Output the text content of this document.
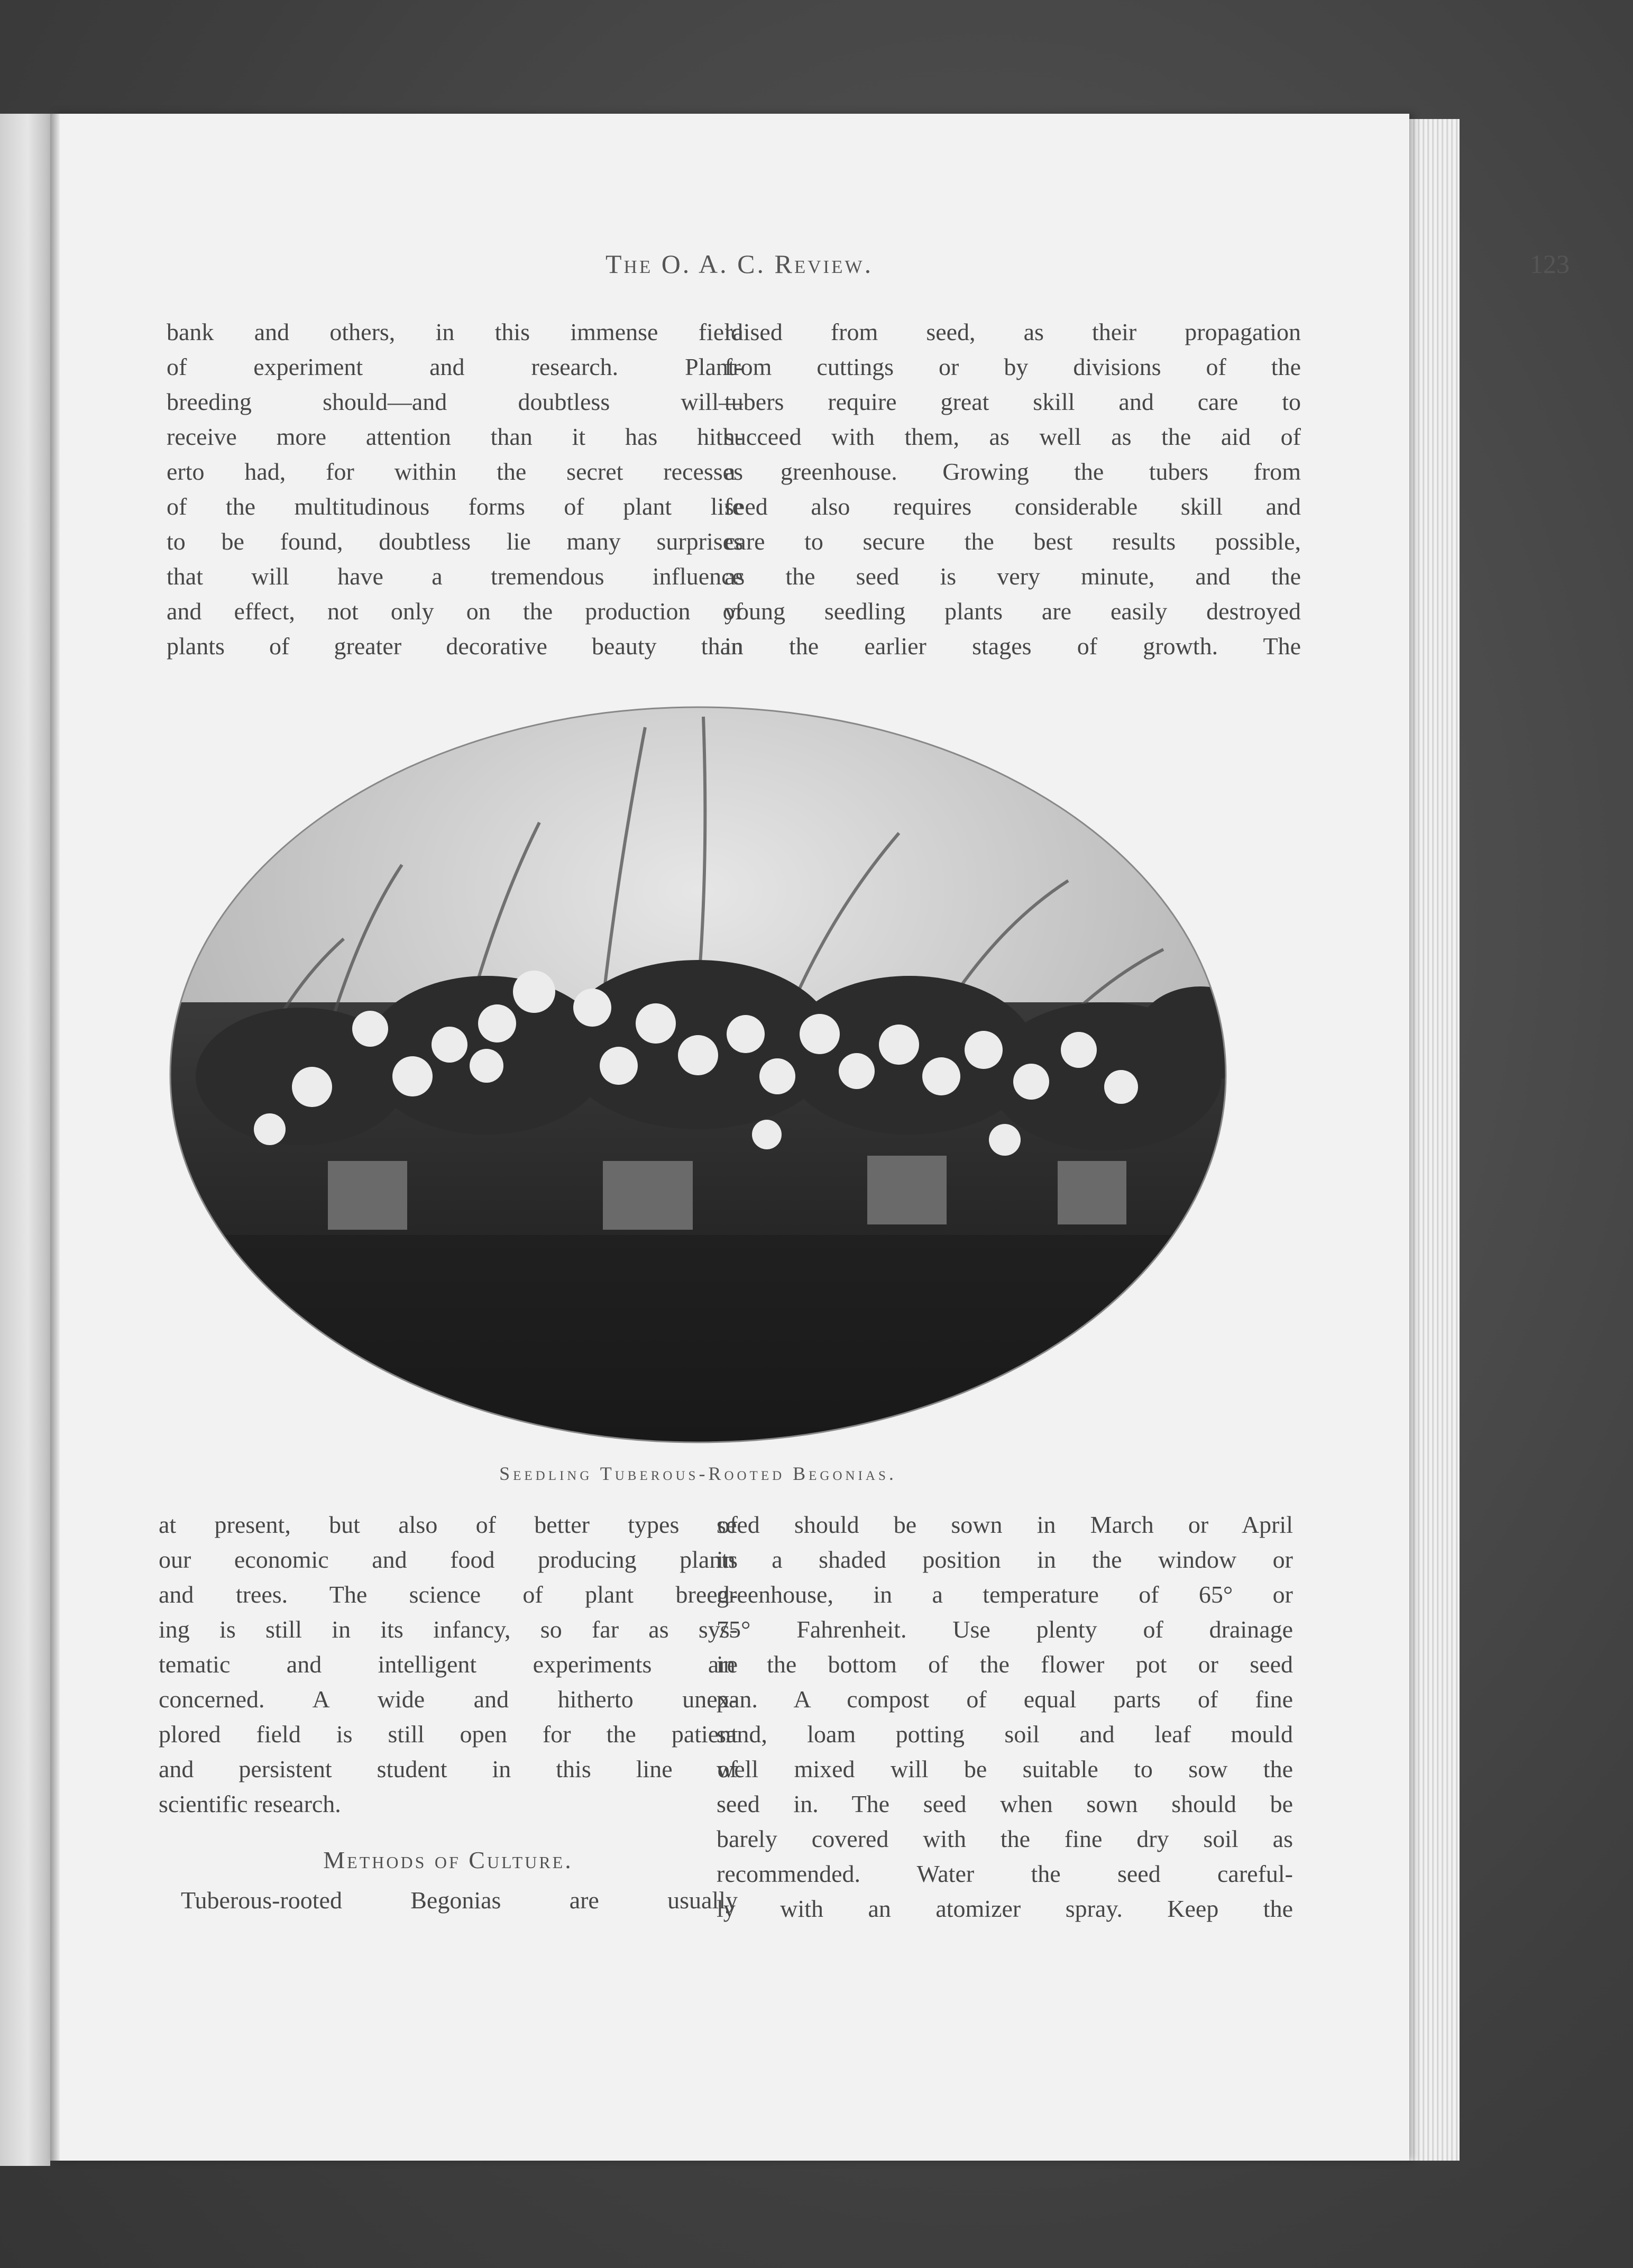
The O. A. C. Review.	123
bank and others, in this immense field
of experiment and research. Plant-
breeding should—and doubtless will—
receive more attention than it has hith-
erto had, for within the secret recesses
of the multitudinous forms of plant life
to be found, doubtless lie many surprises
that will have a tremendous influence
and effect, not only on the production of
plants of greater decorative beauty than
raised from seed, as their propagation
from cuttings or by divisions of the
tubers require great skill and care to
succeed with them, as well as the aid of
a greenhouse. Growing the tubers from
seed also requires considerable skill and
care to secure the best results possible,
as the seed is very minute, and the
young seedling plants are easily destroyed
in the earlier stages of growth. The
Seedling Tuberous-Rooted Begonias.
at present, but also of better types of
our economic and food producing plants
and trees. The science of plant breed-
ing is still in its infancy, so far as sys-
tematic and intelligent experiments are
concerned. A wide and hitherto unex-
plored field is still open for the patient
and persistent student in this line of
scientific research.
Methods of Culture.
Tuberous-rooted Begonias are usually
seed should be sown in March or April
in a shaded position in the window or
greenhouse, in a temperature of 65° or
75° Fahrenheit. Use plenty of drainage
in the bottom of the flower pot or seed
pan. A compost of equal parts of fine
sand, loam potting soil and leaf mould
well mixed will be suitable to sow the
seed in. The seed when sown should be
barely covered with the fine dry soil as
recommended. Water the seed careful-
ly with an atomizer spray. Keep the
